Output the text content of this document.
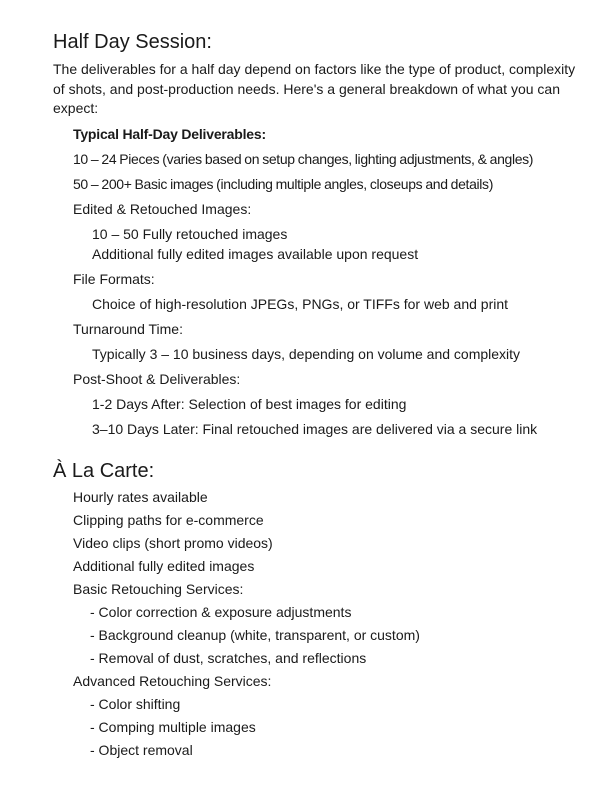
Half Day Session:

The deliverables for a half day depend on factors like the type of product, complexity of shots, and post-production needs. Here's a general breakdown of what you can expect:

Typical Half-Day Deliverables:
10 – 24 Pieces (varies based on setup changes, lighting adjustments, & angles)
50 – 200+ Basic images (including multiple angles, closeups and details)
Edited & Retouched Images:
10 – 50 Fully retouched images
Additional fully edited images available upon request
File Formats:
Choice of high-resolution JPEGs, PNGs, or TIFFs for web and print
Turnaround Time:
Typically 3 – 10 business days, depending on volume and complexity
Post-Shoot & Deliverables:
1-2 Days After: Selection of best images for editing
3–10 Days Later: Final retouched images are delivered via a secure link
À La Carte:
Hourly rates available
Clipping paths for e-commerce
Video clips (short promo videos)
Additional fully edited images
Basic Retouching Services:
- Color correction & exposure adjustments
- Background cleanup (white, transparent, or custom)
- Removal of dust, scratches, and reflections
Advanced Retouching Services:
- Color shifting
- Comping multiple images
- Object removal
